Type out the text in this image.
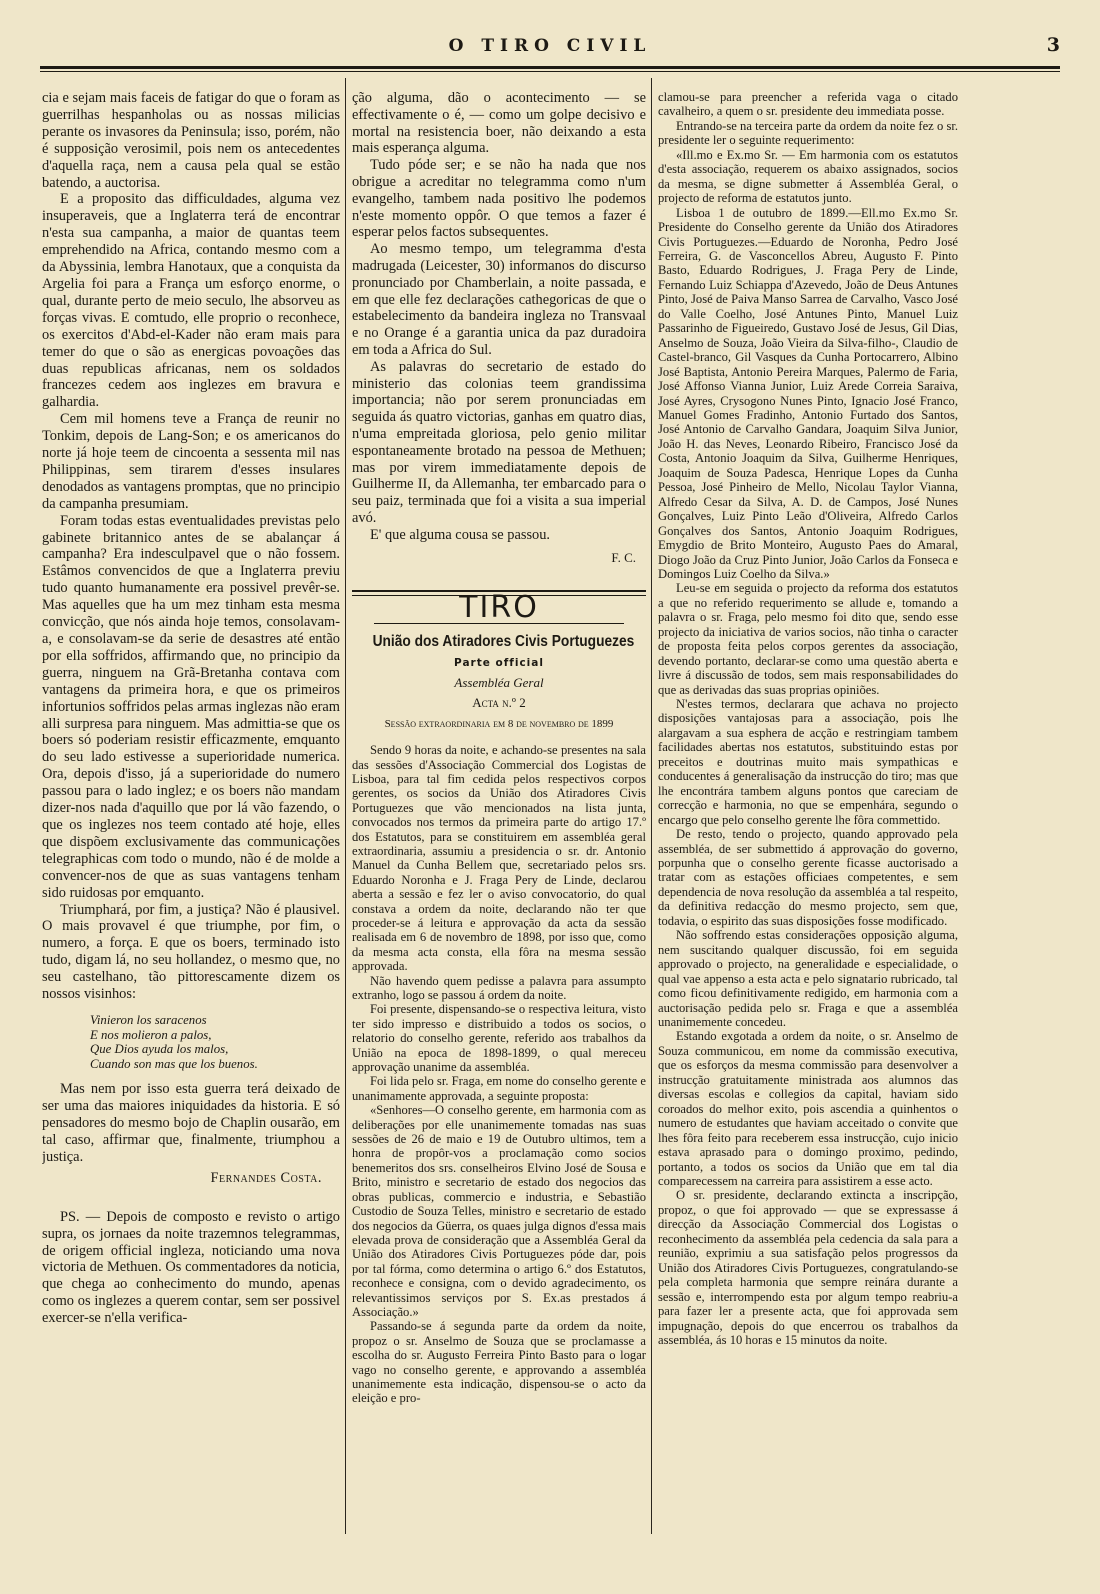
O TIRO CIVIL	3

cia e sejam mais faceis de fatigar do que o foram as guerrilhas hespanholas ou as nossas milicias perante os invasores da Peninsula; isso, porém, não é supposição verosimil, pois nem os antecedentes d'aquella raça, nem a causa pela qual se estão batendo, a auctorisa.

E a proposito das difficuldades, alguma vez insuperaveis, que a Inglaterra terá de encontrar n'esta sua campanha, a maior de quantas teem emprehendido na Africa, contando mesmo com a da Abyssinia, lembra Hanotaux, que a conquista da Argelia foi para a França um esforço enorme, o qual, durante perto de meio seculo, lhe absorveu as forças vivas. E comtudo, elle proprio o reconhece, os exercitos d'Abd-el-Kader não eram mais para temer do que o são as energicas povoações das duas republicas africanas, nem os soldados francezes cedem aos inglezes em bravura e galhardia.

Cem mil homens teve a França de reunir no Tonkim, depois de Lang-Son; e os americanos do norte já hoje teem de cincoenta a sessenta mil nas Philippinas, sem tirarem d'esses insulares denodados as vantagens promptas, que no principio da campanha presumiam.

Foram todas estas eventualidades previstas pelo gabinete britannico antes de se abalançar á campanha? Era indesculpavel que o não fossem. Estâmos convencidos de que a Inglaterra previu tudo quanto humanamente era possivel prevêr-se. Mas aquelles que ha um mez tinham esta mesma convicção, que nós ainda hoje temos, consolavam-a, e consolavam-se da serie de desastres até então por ella soffridos, affirmando que, no principio da guerra, ninguem na Grã-Bretanha contava com vantagens da primeira hora, e que os primeiros infortunios soffridos pelas armas inglezas não eram alli surpresa para ninguem. Mas admittia-se que os boers só poderiam resistir efficazmente, emquanto do seu lado estivesse a superioridade numerica. Ora, depois d'isso, já a superioridade do numero passou para o lado inglez; e os boers não mandam dizer-nos nada d'aquillo que por lá vão fazendo, o que os inglezes nos teem contado até hoje, elles que dispõem exclusivamente das communicações telegraphicas com todo o mundo, não é de molde a convencer-nos de que as suas vantagens tenham sido ruidosas por emquanto.

Triumphará, por fim, a justiça? Não é plausivel. O mais provavel é que triumphe, por fim, o numero, a força. E que os boers, terminado isto tudo, digam lá, no seu hollandez, o mesmo que, no seu castelhano, tão pittorescamente dizem os nossos visinhos:

Vinieron los saracenos
E nos molieron a palos,
Que Dios ayuda los malos,
Cuando son mas que los buenos.

Mas nem por isso esta guerra terá deixado de ser uma das maiores iniquidades da historia. E só pensadores do mesmo bojo de Chaplin ousarão, em tal caso, affirmar que, finalmente, triumphou a justiça.

Fernandes Costa.

PS. — Depois de composto e revisto o artigo supra, os jornaes da noite trazemnos telegrammas, de origem official ingleza, noticiando uma nova victoria de Methuen. Os commentadores da noticia, que chega ao conhecimento do mundo, apenas como os inglezes a querem contar, sem ser possivel exercer-se n'ella verifica-

ção alguma, dão o acontecimento — se effectivamente o é, — como um golpe decisivo e mortal na resistencia boer, não deixando a esta mais esperança alguma.

Tudo póde ser; e se não ha nada que nos obrigue a acreditar no telegramma como n'um evangelho, tambem nada positivo lhe podemos n'este momento oppôr. O que temos a fazer é esperar pelos factos subsequentes.

Ao mesmo tempo, um telegramma d'esta madrugada (Leicester, 30) informanos do discurso pronunciado por Chamberlain, a noite passada, e em que elle fez declarações cathegoricas de que o estabelecimento da bandeira ingleza no Transvaal e no Orange é a garantia unica da paz duradoira em toda a Africa do Sul.

As palavras do secretario de estado do ministerio das colonias teem grandissima importancia; não por serem pronunciadas em seguida ás quatro victorias, ganhas em quatro dias, n'uma empreitada gloriosa, pelo genio militar espontaneamente brotado na pessoa de Methuen; mas por virem immediatamente depois de Guilherme II, da Allemanha, ter embarcado para o seu paiz, terminada que foi a visita a sua imperial avó.

E' que alguma cousa se passou.

F. C.
TIRO
União dos Atiradores Civis Portuguezes
Parte official
Assembléa Geral
Acta n.º 2
Sessão extraordinaria em 8 de novembro de 1899

Sendo 9 horas da noite, e achando-se presentes na sala das sessões d'Associação Commercial dos Logistas de Lisboa, para tal fim cedida pelos respectivos corpos gerentes, os socios da União dos Atiradores Civis Portuguezes que vão mencionados na lista junta, convocados nos termos da primeira parte do artigo 17.º dos Estatutos, para se constituirem em assembléa geral extraordinaria, assumiu a presidencia o sr. dr. Antonio Manuel da Cunha Bellem que, secretariado pelos srs. Eduardo Noronha e J. Fraga Pery de Linde, declarou aberta a sessão e fez ler o aviso convocatorio, do qual constava a ordem da noite, declarando não ter que proceder-se á leitura e approvação da acta da sessão realisada em 6 de novembro de 1898, por isso que, como da mesma acta consta, ella fôra na mesma sessão approvada.

Não havendo quem pedisse a palavra para assumpto extranho, logo se passou á ordem da noite.

Foi presente, dispensando-se o respectiva leitura, visto ter sido impresso e distribuido a todos os socios, o relatorio do conselho gerente, referido aos trabalhos da União na epoca de 1898-1899, o qual mereceu approvação unanime da assembléa.

Foi lida pelo sr. Fraga, em nome do conselho gerente e unanimamente approvada, a seguinte proposta:

«Senhores—O conselho gerente, em harmonia com as deliberações por elle unanimemente tomadas nas suas sessões de 26 de maio e 19 de Outubro ultimos, tem a honra de propôr-vos a proclamação como socios benemeritos dos srs. conselheiros Elvino José de Sousa e Brito, ministro e secretario de estado dos negocios das obras publicas, commercio e industria, e Sebastião Custodio de Souza Telles, ministro e secretario de estado dos negocios da Güerra, os quaes julga dignos d'essa mais elevada prova de consideração que a Assembléa Geral da União dos Atiradores Civis Portuguezes póde dar, pois por tal fórma, como determina o artigo 6.º dos Estatutos, reconhece e consigna, com o devido agradecimento, os relevantissimos serviços por S. Ex.as prestados á Associação.»

Passando-se á segunda parte da ordem da noite, propoz o sr. Anselmo de Souza que se proclamasse a escolha do sr. Augusto Ferreira Pinto Basto para o logar vago no conselho gerente, e approvando a assembléa unanimemente esta indicação, dispensou-se o acto da eleição e pro-

clamou-se para preencher a referida vaga o citado cavalheiro, a quem o sr. presidente deu immediata posse.

Entrando-se na terceira parte da ordem da noite fez o sr. presidente ler o seguinte requerimento:

«Ill.mo e Ex.mo Sr. — Em harmonia com os estatutos d'esta associação, requerem os abaixo assignados, socios da mesma, se digne submetter á Assembléa Geral, o projecto de reforma de estatutos junto.

Lisboa 1 de outubro de 1899.—Ell.mo Ex.mo Sr. Presidente do Conselho gerente da União dos Atiradores Civis Portuguezes.—Eduardo de Noronha, Pedro José Ferreira, G. de Vasconcellos Abreu, Augusto F. Pinto Basto, Eduardo Rodrigues, J. Fraga Pery de Linde, Fernando Luiz Schiappa d'Azevedo, João de Deus Antunes Pinto, José de Paiva Manso Sarrea de Carvalho, Vasco José do Valle Coelho, José Antunes Pinto, Manuel Luiz Passarinho de Figueiredo, Gustavo José de Jesus, Gil Dias, Anselmo de Souza, João Vieira da Silva-filho-, Claudio de Castel-branco, Gil Vasques da Cunha Portocarrero, Albino José Baptista, Antonio Pereira Marques, Palermo de Faria, José Affonso Vianna Junior, Luiz Arede Correia Saraiva, José Ayres, Crysogono Nunes Pinto, Ignacio José Franco, Manuel Gomes Fradinho, Antonio Furtado dos Santos, José Antonio de Carvalho Gandara, Joaquim Silva Junior, João H. das Neves, Leonardo Ribeiro, Francisco José da Costa, Antonio Joaquim da Silva, Guilherme Henriques, Joaquim de Souza Padesca, Henrique Lopes da Cunha Pessoa, José Pinheiro de Mello, Nicolau Taylor Vianna, Alfredo Cesar da Silva, A. D. de Campos, José Nunes Gonçalves, Luiz Pinto Leão d'Oliveira, Alfredo Carlos Gonçalves dos Santos, Antonio Joaquim Rodrigues, Emygdio de Brito Monteiro, Augusto Paes do Amaral, Diogo João da Cruz Pinto Junior, João Carlos da Fonseca e Domingos Luiz Coelho da Silva.»

Leu-se em seguida o projecto da reforma dos estatutos a que no referido requerimento se allude e, tomando a palavra o sr. Fraga, pelo mesmo foi dito que, sendo esse projecto da iniciativa de varios socios, não tinha o caracter de proposta feita pelos corpos gerentes da associação, devendo portanto, declarar-se como uma questão aberta e livre á discussão de todos, sem mais responsabilidades do que as derivadas das suas proprias opiniões.

N'estes termos, declarara que achava no projecto disposições vantajosas para a associação, pois lhe alargavam a sua esphera de acção e restringiam tambem facilidades abertas nos estatutos, substituindo estas por preceitos e doutrinas muito mais sympathicas e conducentes á generalisação da instrucção do tiro; mas que lhe encontrára tambem alguns pontos que careciam de correcção e harmonia, no que se empenhára, segundo o encargo que pelo conselho gerente lhe fôra commettido.

De resto, tendo o projecto, quando approvado pela assembléa, de ser submettido á approvação do governo, porpunha que o conselho gerente ficasse auctorisado a tratar com as estações officiaes competentes, e sem dependencia de nova resolução da assembléa a tal respeito, da definitiva redacção do mesmo projecto, sem que, todavia, o espirito das suas disposições fosse modificado.

Não soffrendo estas considerações opposição alguma, nem suscitando qualquer discussão, foi em seguida approvado o projecto, na generalidade e especialidade, o qual vae appenso a esta acta e pelo signatario rubricado, tal como ficou definitivamente redigido, em harmonia com a auctorisação pedida pelo sr. Fraga e que a assembléa unanimemente concedeu.

Estando exgotada a ordem da noite, o sr. Anselmo de Souza communicou, em nome da commissão executiva, que os esforços da mesma commissão para desenvolver a instrucção gratuitamente ministrada aos alumnos das diversas escolas e collegios da capital, haviam sido coroados do melhor exito, pois ascendia a quinhentos o numero de estudantes que haviam acceitado o convite que lhes fôra feito para receberem essa instrucção, cujo inicio estava aprasado para o domingo proximo, pedindo, portanto, a todos os socios da União que em tal dia comparecessem na carreira para assistirem a esse acto.

O sr. presidente, declarando extincta a inscripção, propoz, o que foi approvado — que se expressasse á direcção da Associação Commercial dos Logistas o reconhecimento da assembléa pela cedencia da sala para a reunião, exprimiu a sua satisfação pelos progressos da União dos Atiradores Civis Portuguezes, congratulando-se pela completa harmonia que sempre reinára durante a sessão e, interrompendo esta por algum tempo reabriu-a para fazer ler a presente acta, que foi approvada sem impugnação, depois do que encerrou os trabalhos da assembléa, ás 10 horas e 15 minutos da noite.
